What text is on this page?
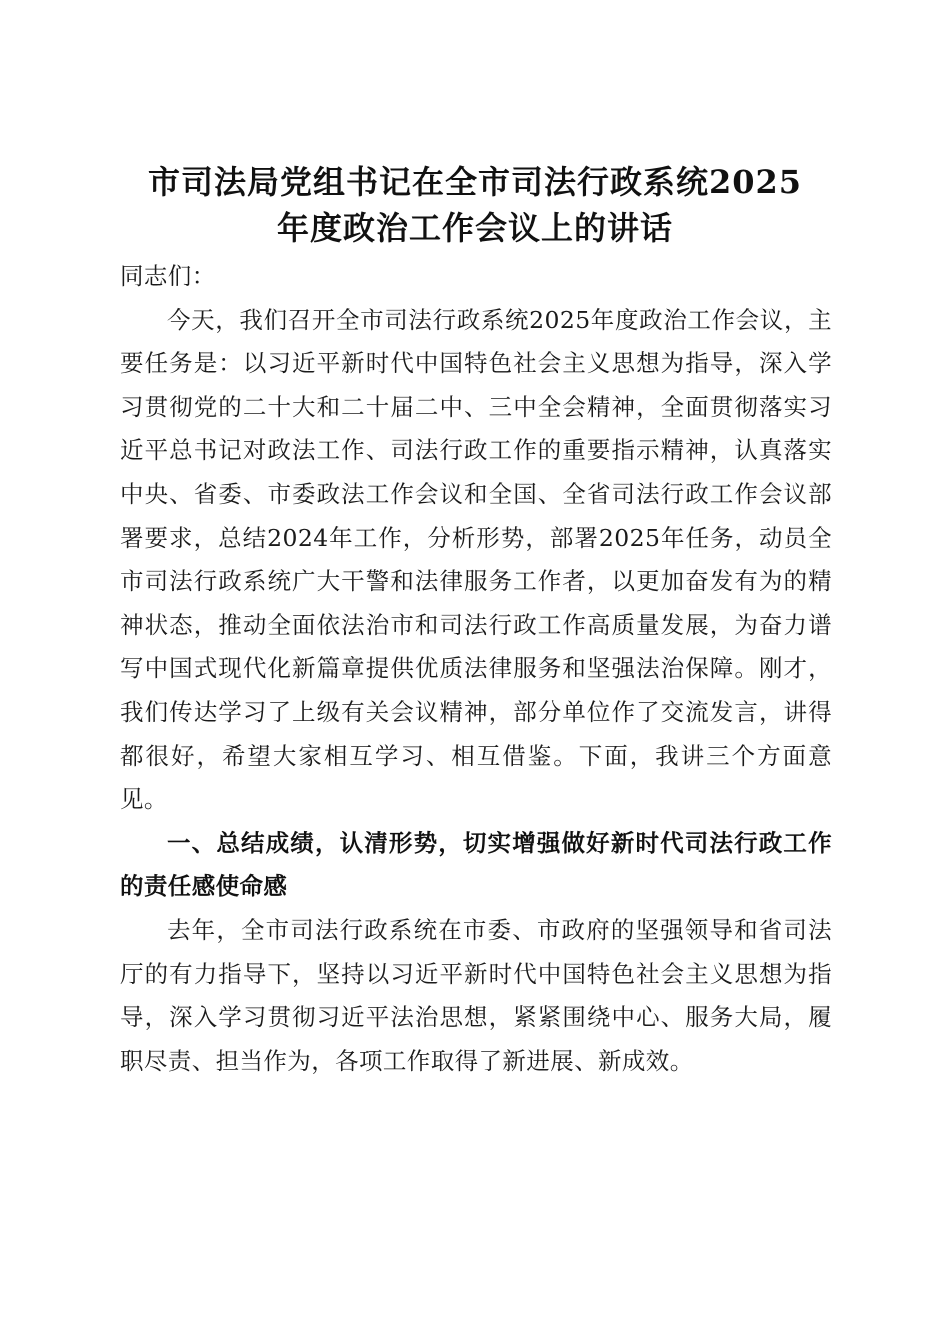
市司法局党组书记在全市司法行政系统2025
年度政治工作会议上的讲话

同志们：

今天，我们召开全市司法行政系统2025年度政治工作会议，主要任务是：以习近平新时代中国特色社会主义思想为指导，深入学习贯彻党的二十大和二十届二中、三中全会精神，全面贯彻落实习近平总书记对政法工作、司法行政工作的重要指示精神，认真落实中央、省委、市委政法工作会议和全国、全省司法行政工作会议部署要求，总结2024年工作，分析形势，部署2025年任务，动员全市司法行政系统广大干警和法律服务工作者，以更加奋发有为的精神状态，推动全面依法治市和司法行政工作高质量发展，为奋力谱写中国式现代化新篇章提供优质法律服务和坚强法治保障。刚才，我们传达学习了上级有关会议精神，部分单位作了交流发言，讲得都很好，希望大家相互学习、相互借鉴。下面，我讲三个方面意见。

一、总结成绩，认清形势，切实增强做好新时代司法行政工作的责任感使命感

去年，全市司法行政系统在市委、市政府的坚强领导和省司法厅的有力指导下，坚持以习近平新时代中国特色社会主义思想为指导，深入学习贯彻习近平法治思想，紧紧围绕中心、服务大局，履职尽责、担当作为，各项工作取得了新进展、新成效。
